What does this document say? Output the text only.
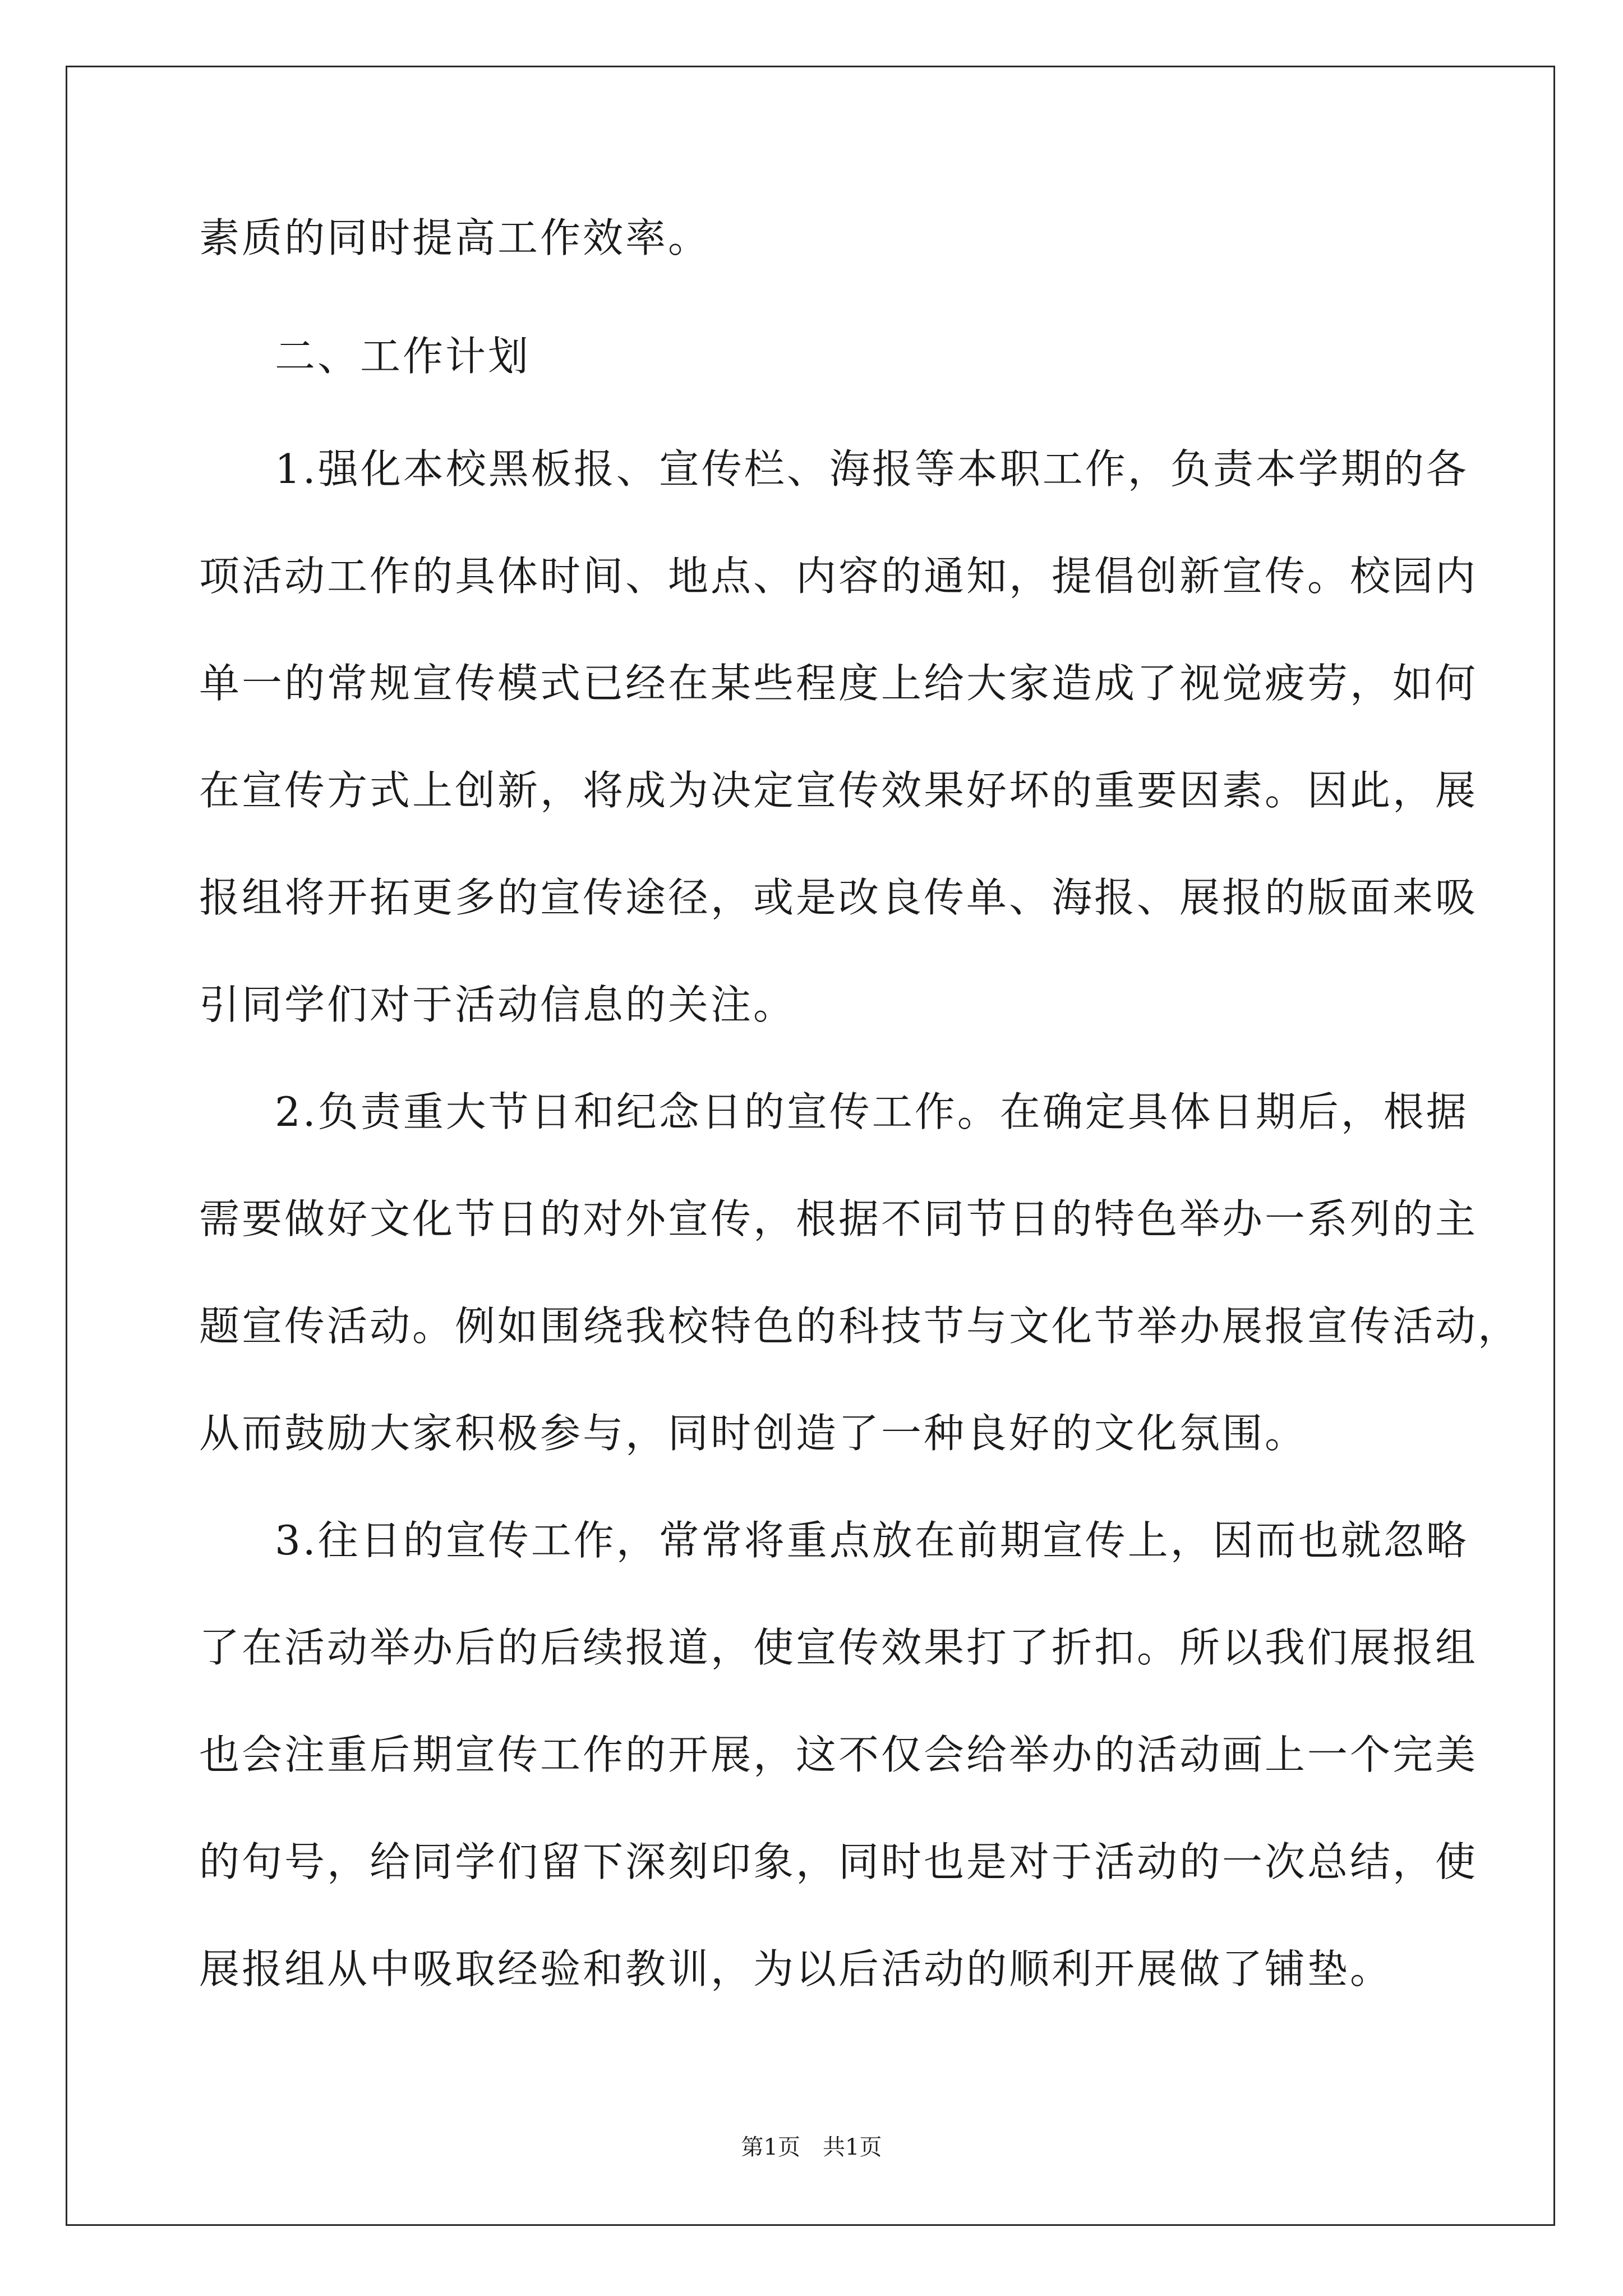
素质的同时提高工作效率。
二、工作计划
1.强化本校黑板报、宣传栏、海报等本职工作，负责本学期的各
项活动工作的具体时间、地点、内容的通知，提倡创新宣传。校园内
单一的常规宣传模式已经在某些程度上给大家造成了视觉疲劳，如何
在宣传方式上创新，将成为决定宣传效果好坏的重要因素。因此，展
报组将开拓更多的宣传途径，或是改良传单、海报、展报的版面来吸
引同学们对于活动信息的关注。
2.负责重大节日和纪念日的宣传工作。在确定具体日期后，根据
需要做好文化节日的对外宣传，根据不同节日的特色举办一系列的主
题宣传活动。例如围绕我校特色的科技节与文化节举办展报宣传活动，
从而鼓励大家积极参与，同时创造了一种良好的文化氛围。
3.往日的宣传工作，常常将重点放在前期宣传上，因而也就忽略
了在活动举办后的后续报道，使宣传效果打了折扣。所以我们展报组
也会注重后期宣传工作的开展，这不仅会给举办的活动画上一个完美
的句号，给同学们留下深刻印象，同时也是对于活动的一次总结，使
展报组从中吸取经验和教训，为以后活动的顺利开展做了铺垫。
第1页　共1页
